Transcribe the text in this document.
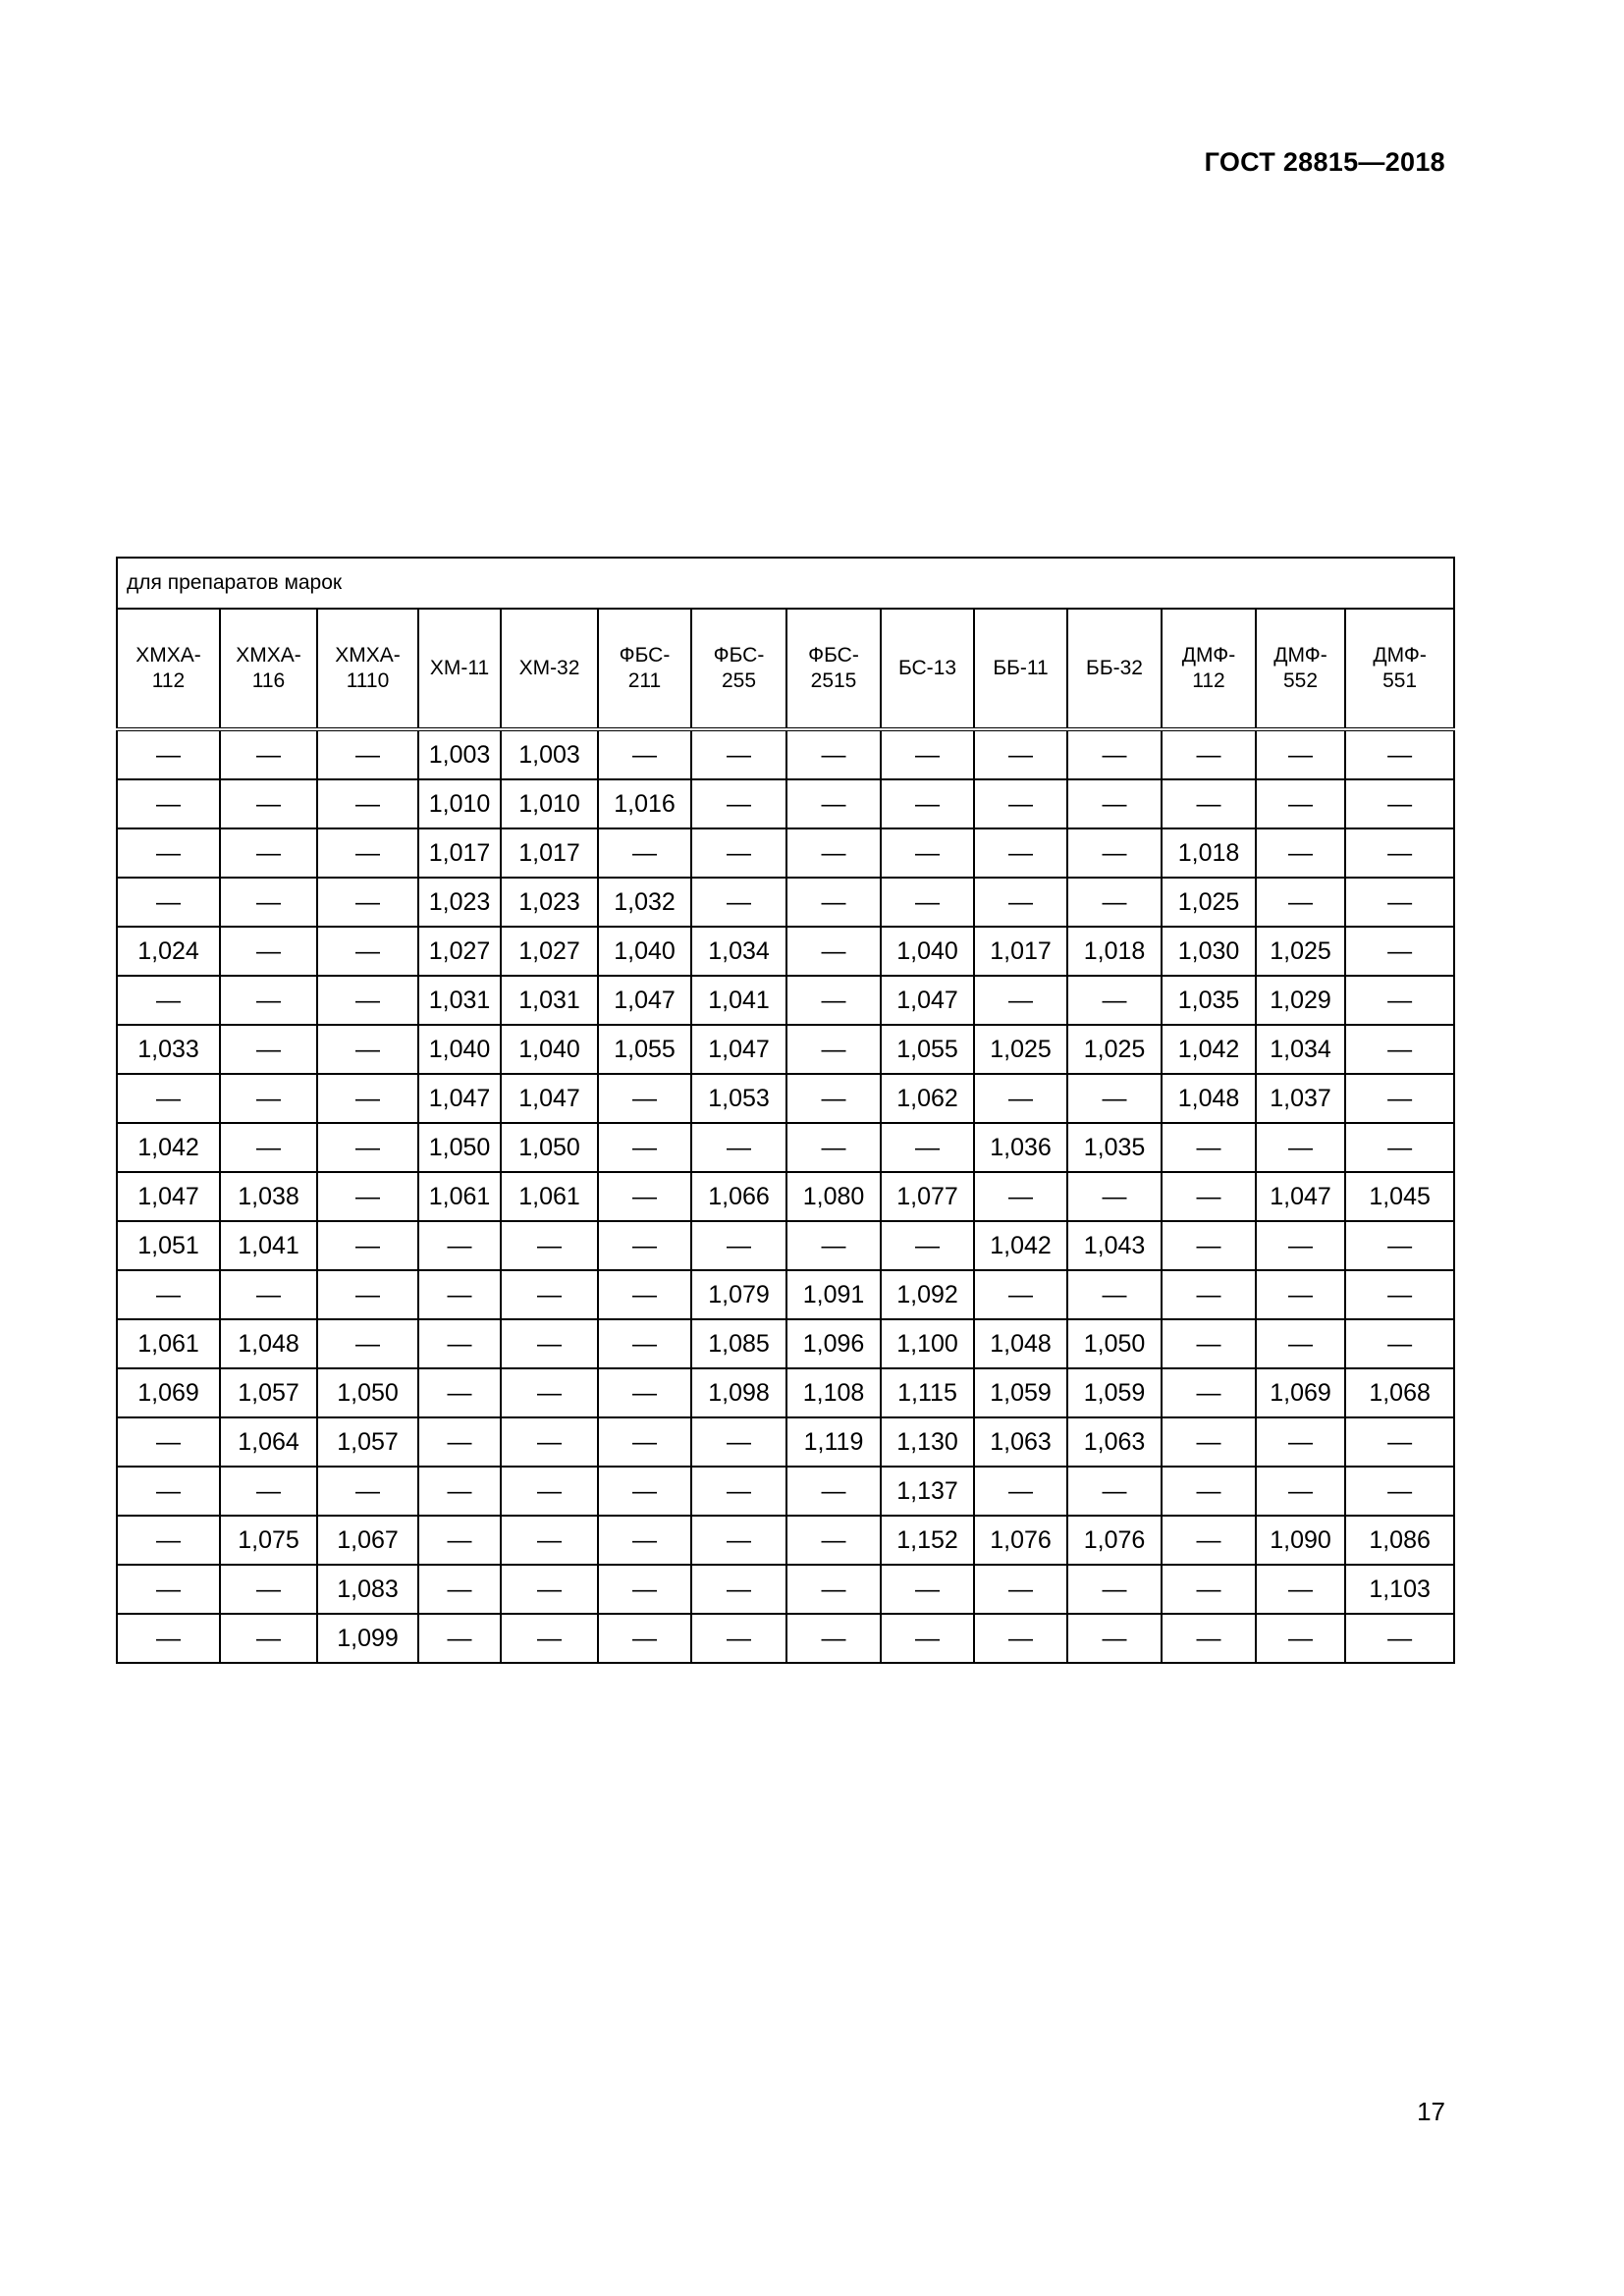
ГОСТ 28815—2018
для препаратов марок													

ХМХА-
112	ХМХА-
116	ХМХА-
1110	ХМ-11	ХМ-32	ФБС-
211	ФБС-
255	ФБС-
2515	БС-13	ББ-11	ББ-32	ДМФ-
112	ДМФ-
552	ДМФ-
551

—	—	—	1,003	1,003	—	—	—	—	—	—	—	—	—
—	—	—	1,010	1,010	1,016	—	—	—	—	—	—	—	—
—	—	—	1,017	1,017	—	—	—	—	—	—	1,018	—	—
—	—	—	1,023	1,023	1,032	—	—	—	—	—	1,025	—	—
1,024	—	—	1,027	1,027	1,040	1,034	—	1,040	1,017	1,018	1,030	1,025	—
—	—	—	1,031	1,031	1,047	1,041	—	1,047	—	—	1,035	1,029	—
1,033	—	—	1,040	1,040	1,055	1,047	—	1,055	1,025	1,025	1,042	1,034	—
—	—	—	1,047	1,047	—	1,053	—	1,062	—	—	1,048	1,037	—
1,042	—	—	1,050	1,050	—	—	—	—	1,036	1,035	—	—	—
1,047	1,038	—	1,061	1,061	—	1,066	1,080	1,077	—	—	—	1,047	1,045
1,051	1,041	—	—	—	—	—	—	—	1,042	1,043	—	—	—
—	—	—	—	—	—	1,079	1,091	1,092	—	—	—	—	—
1,061	1,048	—	—	—	—	1,085	1,096	1,100	1,048	1,050	—	—	—
1,069	1,057	1,050	—	—	—	1,098	1,108	1,115	1,059	1,059	—	1,069	1,068
—	1,064	1,057	—	—	—	—	1,119	1,130	1,063	1,063	—	—	—
—	—	—	—	—	—	—	—	1,137	—	—	—	—	—
—	1,075	1,067	—	—	—	—	—	1,152	1,076	1,076	—	1,090	1,086
—	—	1,083	—	—	—	—	—	—	—	—	—	—	1,103
—	—	1,099	—	—	—	—	—	—	—	—	—	—	—
17
